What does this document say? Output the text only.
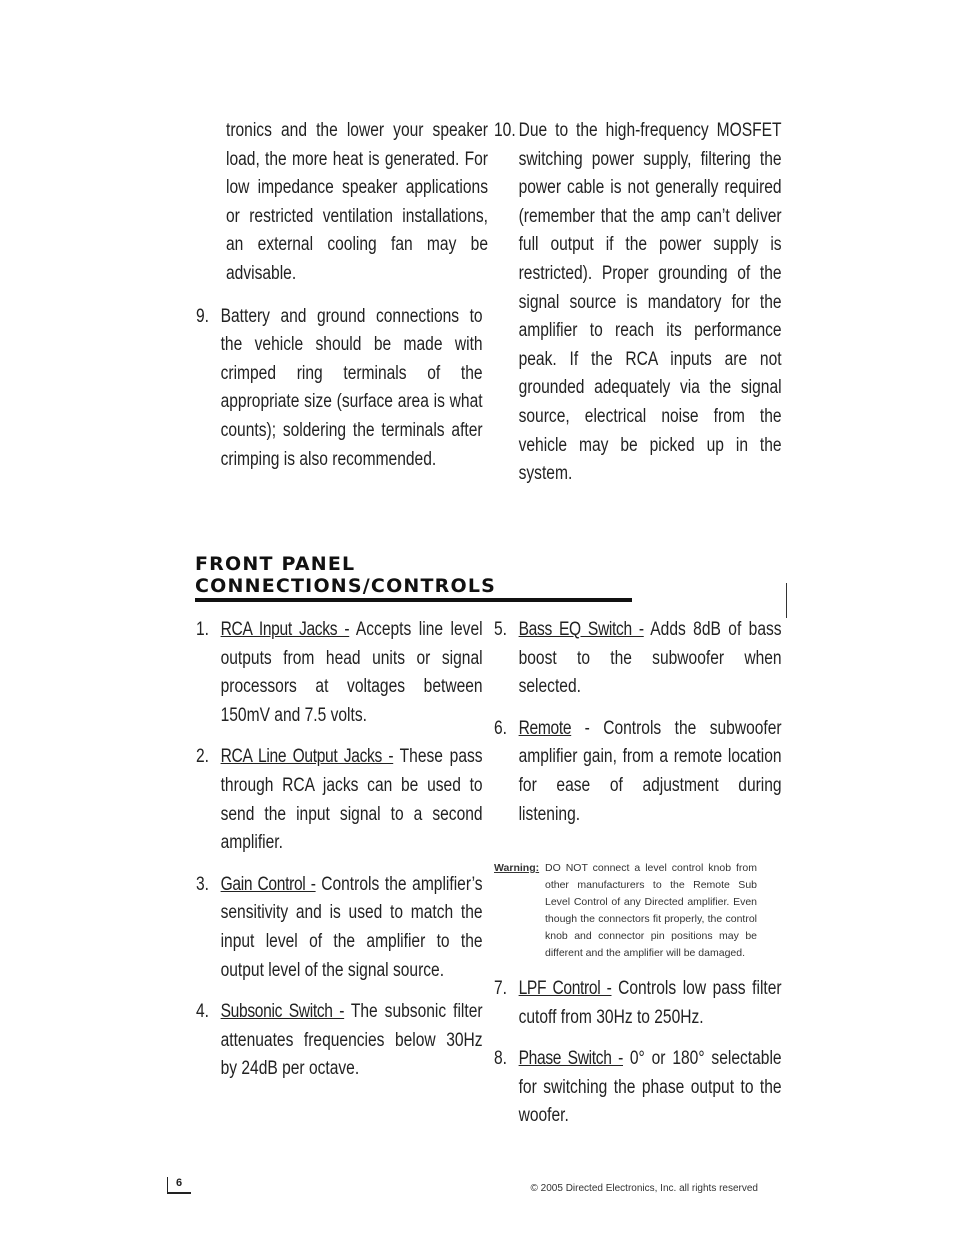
tronics and the lower your speaker load, the more heat is generated. For low impedance speaker applications or restricted ventilation installations, an external cooling fan may be advisable.
9. Battery and ground connections to the vehicle should be made with crimped ring terminals of the appropriate size (surface area is what counts); soldering the terminals after crimping is also recommended.
10. Due to the high-frequency MOSFET switching power supply, filtering the power cable is not generally required (remember that the amp can’t deliver full output if the power supply is restricted). Proper grounding of the signal source is mandatory for the amplifier to reach its performance peak. If the RCA inputs are not grounded adequately via the signal source, electrical noise from the vehicle may be picked up in the system.
FRONT PANEL CONNECTIONS/CONTROLS
1. RCA Input Jacks - Accepts line level outputs from head units or signal processors at voltages between 150mV and 7.5 volts.
2. RCA Line Output Jacks - These pass through RCA jacks can be used to send the input signal to a second amplifier.
3. Gain Control - Controls the amplifier’s sensitivity and is used to match the input level of the amplifier to the output level of the signal source.
4. Subsonic Switch - The subsonic filter attenuates frequencies below 30Hz by 24dB per octave.
5. Bass EQ Switch - Adds 8dB of bass boost to the subwoofer when selected.
6. Remote - Controls the subwoofer amplifier gain, from a remote location for ease of adjustment during listening.
Warning: DO NOT connect a level control knob from other manufacturers to the Remote Sub Level Control of any Directed amplifier. Even though the connectors fit properly, the control knob and connector pin positions may be different and the amplifier will be damaged.
7. LPF Control - Controls low pass filter cutoff from 30Hz to 250Hz.
8. Phase Switch - 0° or 180° selectable for switching the phase output to the woofer.
6	© 2005 Directed Electronics, Inc. all rights reserved
